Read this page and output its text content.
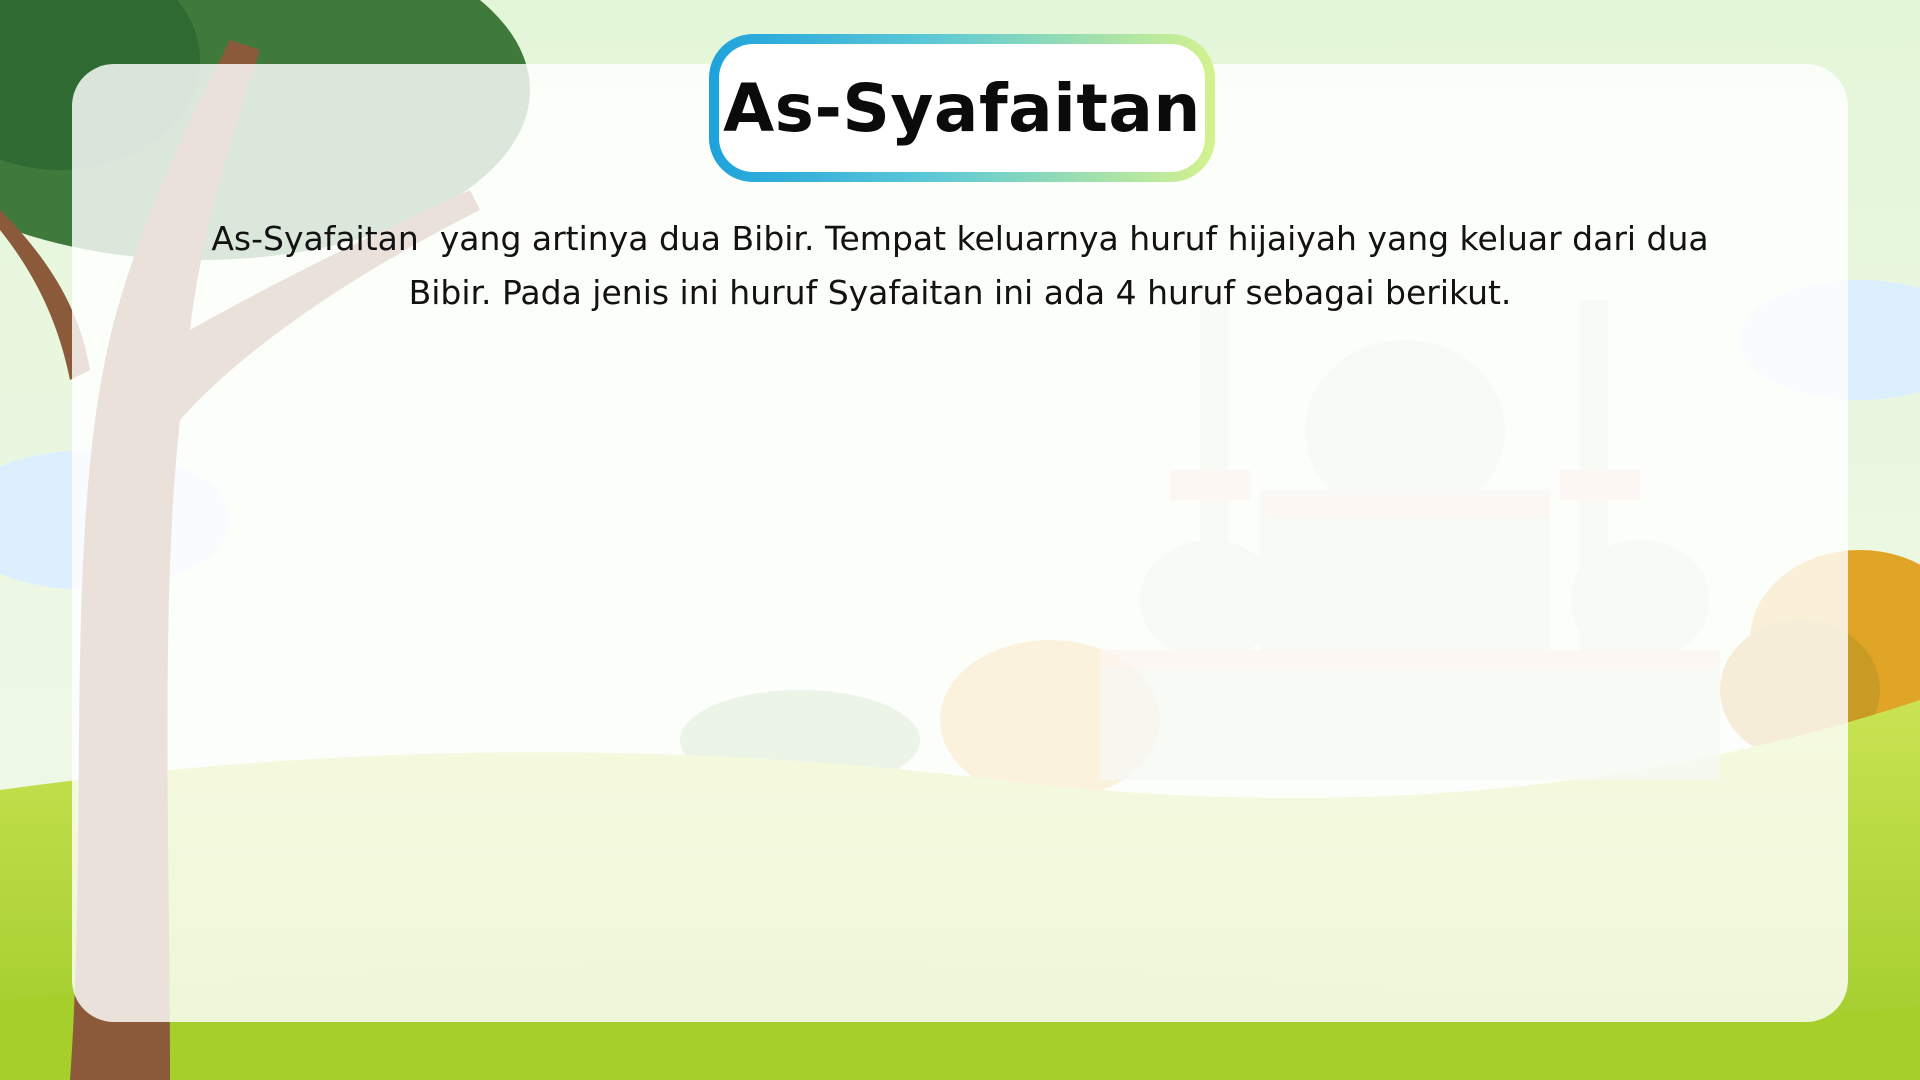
As-Syafaitan
As-Syafaitan  yang artinya dua Bibir. Tempat keluarnya huruf hijaiyah yang keluar dari dua Bibir. Pada jenis ini huruf Syafaitan ini ada 4 huruf sebagai berikut.
